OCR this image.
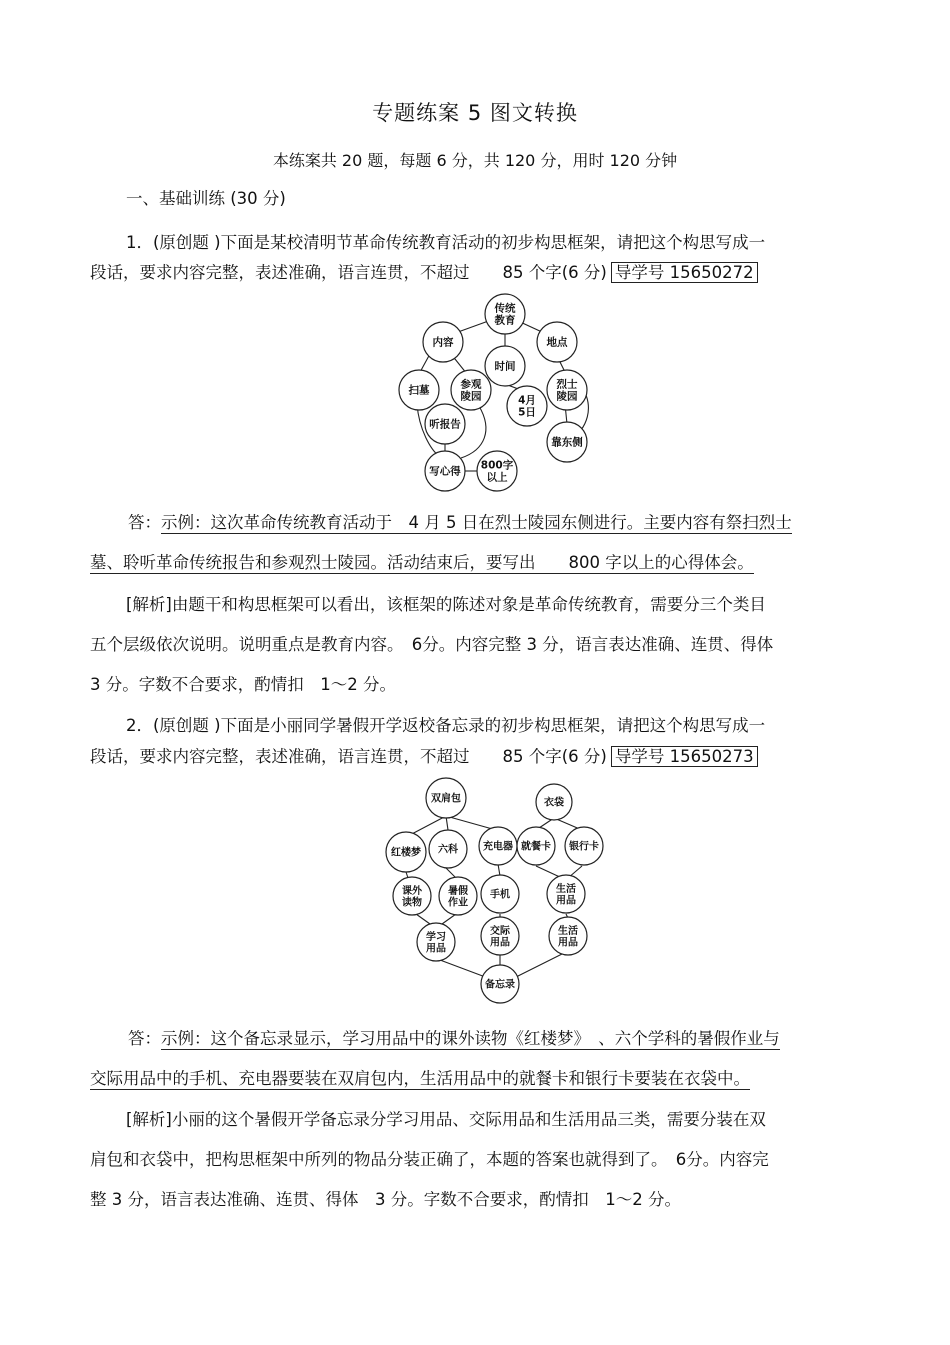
专题练案 5 图文转换
本练案共 20 题，每题 6 分，共 120 分，用时 120 分钟
一、基础训练 (30 分)
1．(原创题 )下面是某校清明节革命传统教育活动的初步构思框架，请把这个构思写成一
段话，要求内容完整，表述准确，语言连贯，不超过　　85 个字(6 分) 导学号 15650272
传统教育
内容
时间
地点
扫墓
参观陵园	4月 5日
烈士陵园
听报告
靠东侧
写心得
800字以上
答：示例：这次革命传统教育活动于　4 月 5 日在烈士陵园东侧进行。主要内容有祭扫烈士
墓、聆听革命传统报告和参观烈士陵园。活动结束后，要写出　　800 字以上的心得体会。
[解析]由题干和构思框架可以看出，该框架的陈述对象是革命传统教育，需要分三个类目
五个层级依次说明。说明重点是教育内容。　6分。内容完整 3 分，语言表达准确、连贯、得体
3 分。字数不合要求，酌情扣　1～2 分。
2．(原创题 )下面是小丽同学暑假开学返校备忘录的初步构思框架，请把这个构思写成一
段话，要求内容完整，表述准确，语言连贯，不超过　　85 个字(6 分) 导学号 15650273
双肩包	衣袋
红楼梦 六科	充电器 就餐卡 银行卡
课外读物
暑假作业
手机
生活用品
学习用品
交际用品
生活用品
备忘录
答：示例：这个备忘录显示，学习用品中的课外读物《红楼梦》　、六个学科的暑假作业与
交际用品中的手机、充电器要装在双肩包内，生活用品中的就餐卡和银行卡要装在衣袋中。
[解析]小丽的这个暑假开学备忘录分学习用品、交际用品和生活用品三类，需要分装在双
肩包和衣袋中，把构思框架中所列的物品分装正确了，本题的答案也就得到了。　6分。内容完
整 3 分，语言表达准确、连贯、得体　3 分。字数不合要求，酌情扣　1～2 分。
